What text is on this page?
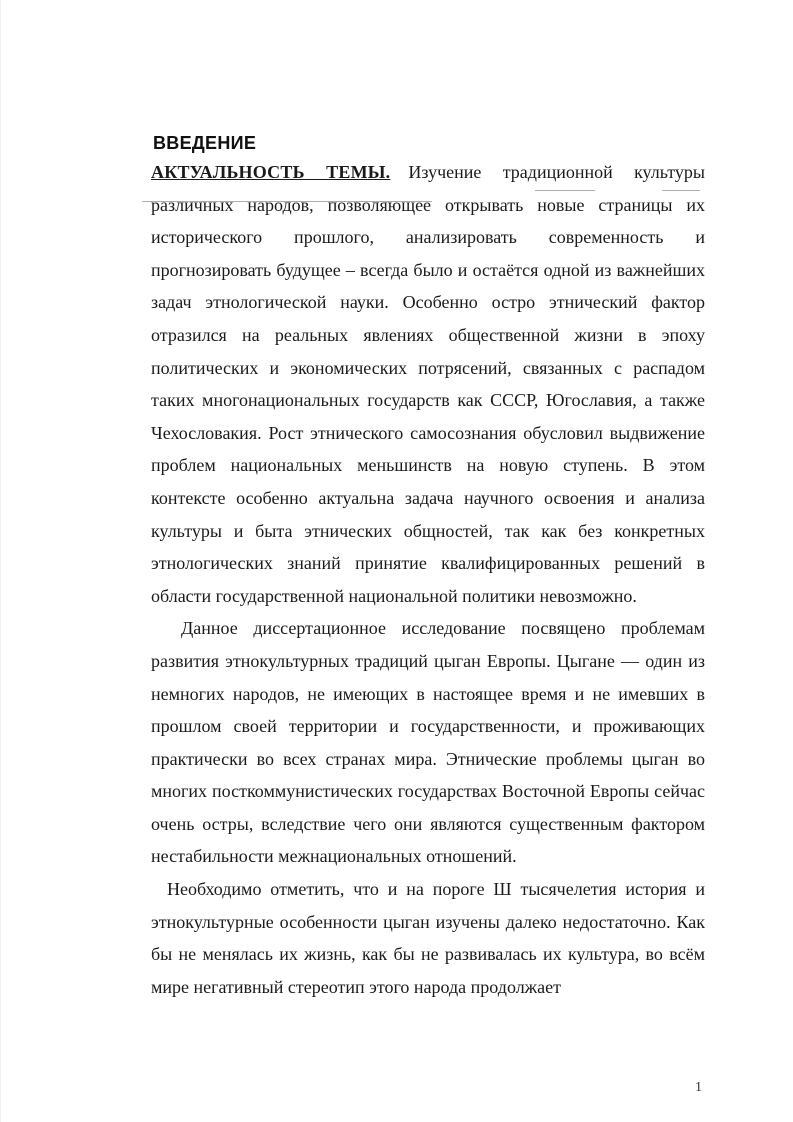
ВВЕДЕНИЕ

АКТУАЛЬНОСТЬ ТЕМЫ. Изучение традиционной культуры различных народов, позволяющее открывать новые страницы их исторического прошлого, анализировать современность и прогнозировать будущее – всегда было и остаётся одной из важнейших задач этнологической науки. Особенно остро этнический фактор отразился на реальных явлениях общественной жизни в эпоху политических и экономических потрясений, связанных с распадом таких многонациональных государств как СССР, Югославия, а также Чехословакия. Рост этнического самосознания обусловил выдвижение проблем национальных меньшинств на новую ступень. В этом контексте особенно актуальна задача научного освоения и анализа культуры и быта этнических общностей, так как без конкретных этнологических знаний принятие квалифицированных решений в области государственной национальной политики невозможно.

Данное диссертационное исследование посвящено проблемам развития этнокультурных традиций цыган Европы. Цыгане — один из немногих народов, не имеющих в настоящее время и не имевших в прошлом своей территории и государственности, и проживающих практически во всех странах мира. Этнические проблемы цыган во многих посткоммунистических государствах Восточной Европы сейчас очень остры, вследствие чего они являются существенным фактором нестабильности межнациональных отношений.

Необходимо отметить, что и на пороге Ш тысячелетия история и этнокультурные особенности цыган изучены далеко недостаточно. Как бы не менялась их жизнь, как бы не развивалась их культура, во всём мире негативный стереотип этого народа продолжает

1
